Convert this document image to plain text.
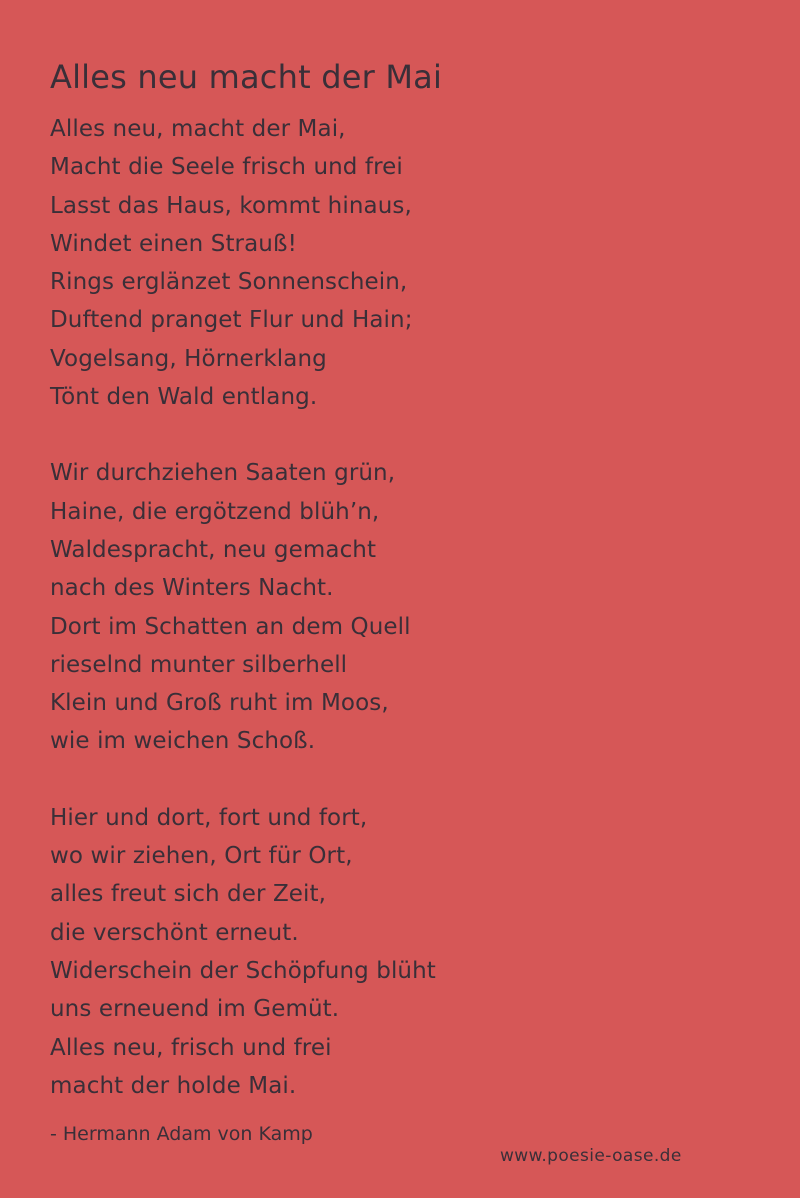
Alles neu macht der Mai
Alles neu, macht der Mai,
Macht die Seele frisch und frei
Lasst das Haus, kommt hinaus,
Windet einen Strauß!
Rings erglänzet Sonnenschein,
Duftend pranget Flur und Hain;
Vogelsang, Hörnerklang
Tönt den Wald entlang.
Wir durchziehen Saaten grün,
Haine, die ergötzend blüh’n,
Waldespracht, neu gemacht
nach des Winters Nacht.
Dort im Schatten an dem Quell
rieselnd munter silberhell
Klein und Groß ruht im Moos,
wie im weichen Schoß.
Hier und dort, fort und fort,
wo wir ziehen, Ort für Ort,
alles freut sich der Zeit,
die verschönt erneut.
Widerschein der Schöpfung blüht
uns erneuend im Gemüt.
Alles neu, frisch und frei
macht der holde Mai.
- Hermann Adam von Kamp
www.poesie-oase.de
